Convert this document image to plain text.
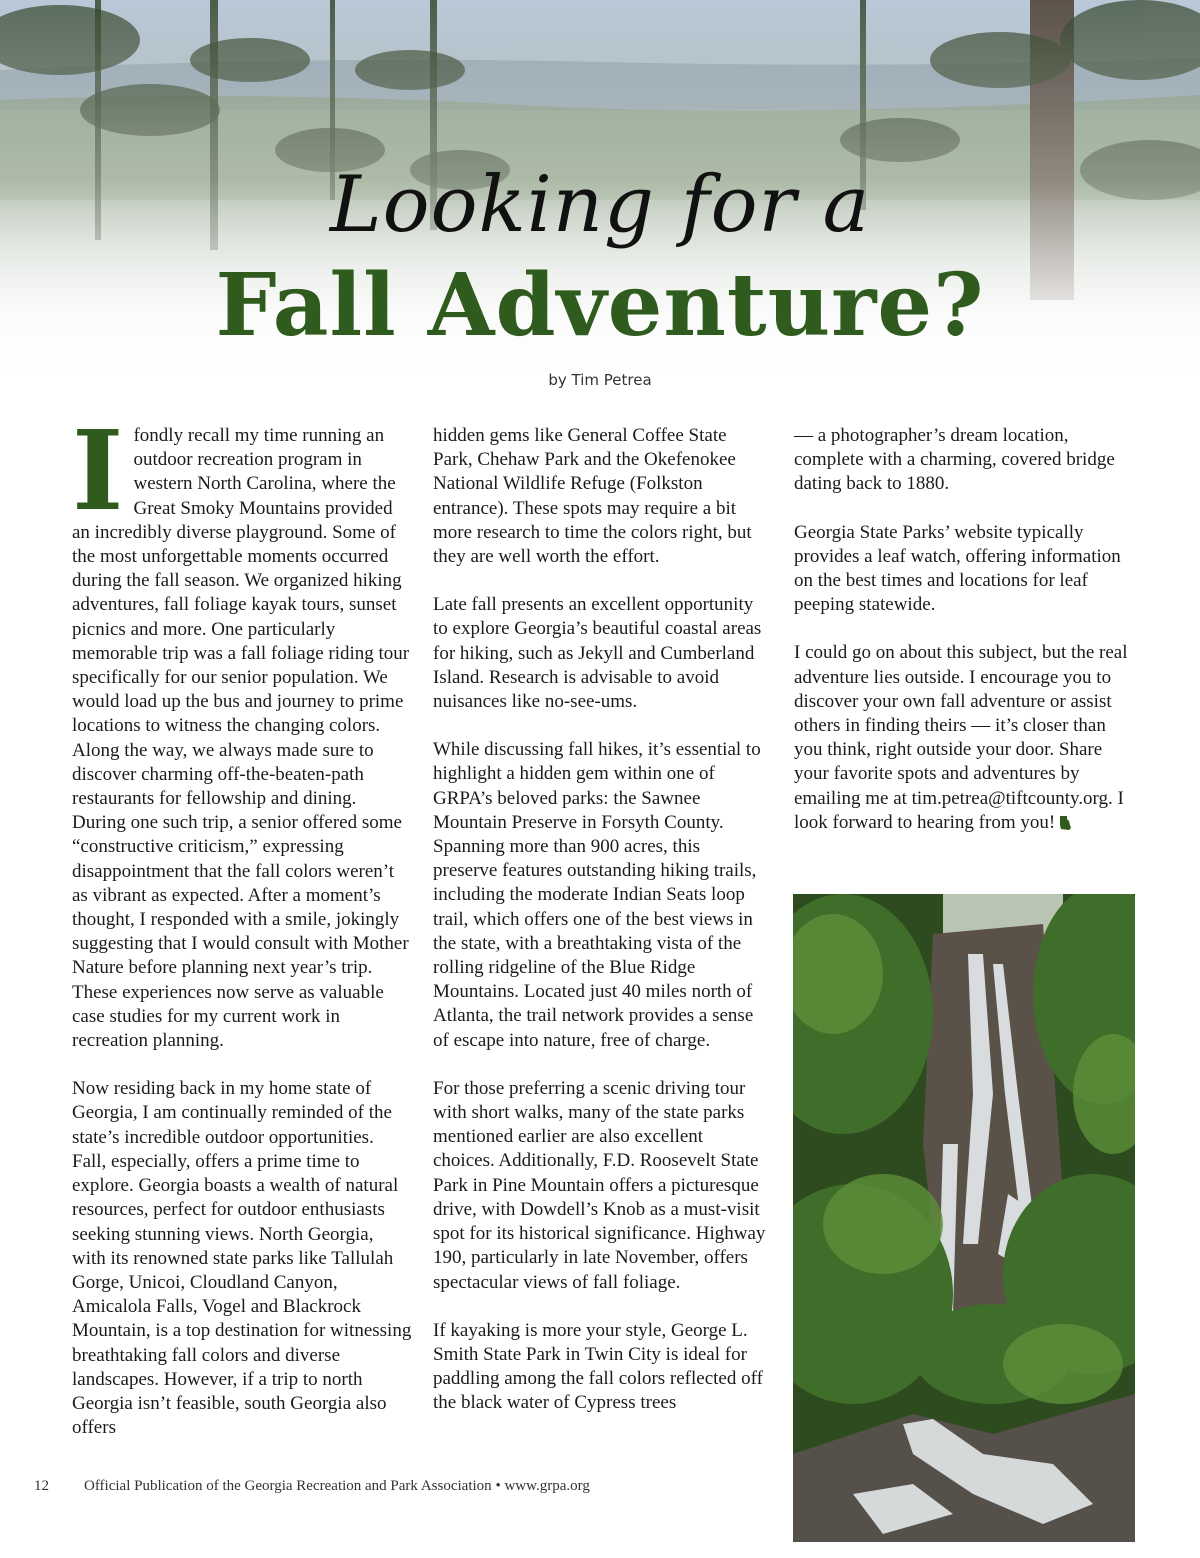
Looking for a
Fall Adventure?
by Tim Petrea

I fondly recall my time running an outdoor recreation program in western North Carolina, where the Great Smoky Mountains provided an incredibly diverse playground. Some of the most unforgettable moments occurred during the fall season. We organized hiking adventures, fall foliage kayak tours, sunset picnics and more. One particularly memorable trip was a fall foliage riding tour specifically for our senior population. We would load up the bus and journey to prime locations to witness the changing colors. Along the way, we always made sure to discover charming off-the-beaten-path restaurants for fellowship and dining. During one such trip, a senior offered some “constructive criticism,” expressing disappointment that the fall colors weren’t as vibrant as expected. After a moment’s thought, I responded with a smile, jokingly suggesting that I would consult with Mother Nature before planning next year’s trip. These experiences now serve as valuable case studies for my current work in recreation planning.

Now residing back in my home state of Georgia, I am continually reminded of the state’s incredible outdoor opportunities. Fall, especially, offers a prime time to explore. Georgia boasts a wealth of natural resources, perfect for outdoor enthusiasts seeking stunning views. North Georgia, with its renowned state parks like Tallulah Gorge, Unicoi, Cloudland Canyon, Amicalola Falls, Vogel and Blackrock Mountain, is a top destination for witnessing breathtaking fall colors and diverse landscapes. However, if a trip to north Georgia isn’t feasible, south Georgia also offers

hidden gems like General Coffee State Park, Chehaw Park and the Okefenokee National Wildlife Refuge (Folkston entrance). These spots may require a bit more research to time the colors right, but they are well worth the effort.

Late fall presents an excellent opportunity to explore Georgia’s beautiful coastal areas for hiking, such as Jekyll and Cumberland Island. Research is advisable to avoid nuisances like no-see-ums.

While discussing fall hikes, it’s essential to highlight a hidden gem within one of GRPA’s beloved parks: the Sawnee Mountain Preserve in Forsyth County. Spanning more than 900 acres, this preserve features outstanding hiking trails, including the moderate Indian Seats loop trail, which offers one of the best views in the state, with a breathtaking vista of the rolling ridgeline of the Blue Ridge Mountains. Located just 40 miles north of Atlanta, the trail network provides a sense of escape into nature, free of charge.

For those preferring a scenic driving tour with short walks, many of the state parks mentioned earlier are also excellent choices. Additionally, F.D. Roosevelt State Park in Pine Mountain offers a picturesque drive, with Dowdell’s Knob as a must-visit spot for its historical significance. Highway 190, particularly in late November, offers spectacular views of fall foliage.

If kayaking is more your style, George L. Smith State Park in Twin City is ideal for paddling among the fall colors reflected off the black water of Cypress trees

— a photographer’s dream location, complete with a charming, covered bridge dating back to 1880.

Georgia State Parks’ website typically provides a leaf watch, offering information on the best times and locations for leaf peeping statewide.

I could go on about this subject, but the real adventure lies outside. I encourage you to discover your own fall adventure or assist others in finding theirs — it’s closer than you think, right outside your door. Share your favorite spots and adventures by emailing me at tim.petrea@tiftcounty.org. I look forward to hearing from you!

12 Official Publication of the Georgia Recreation and Park Association • www.grpa.org
